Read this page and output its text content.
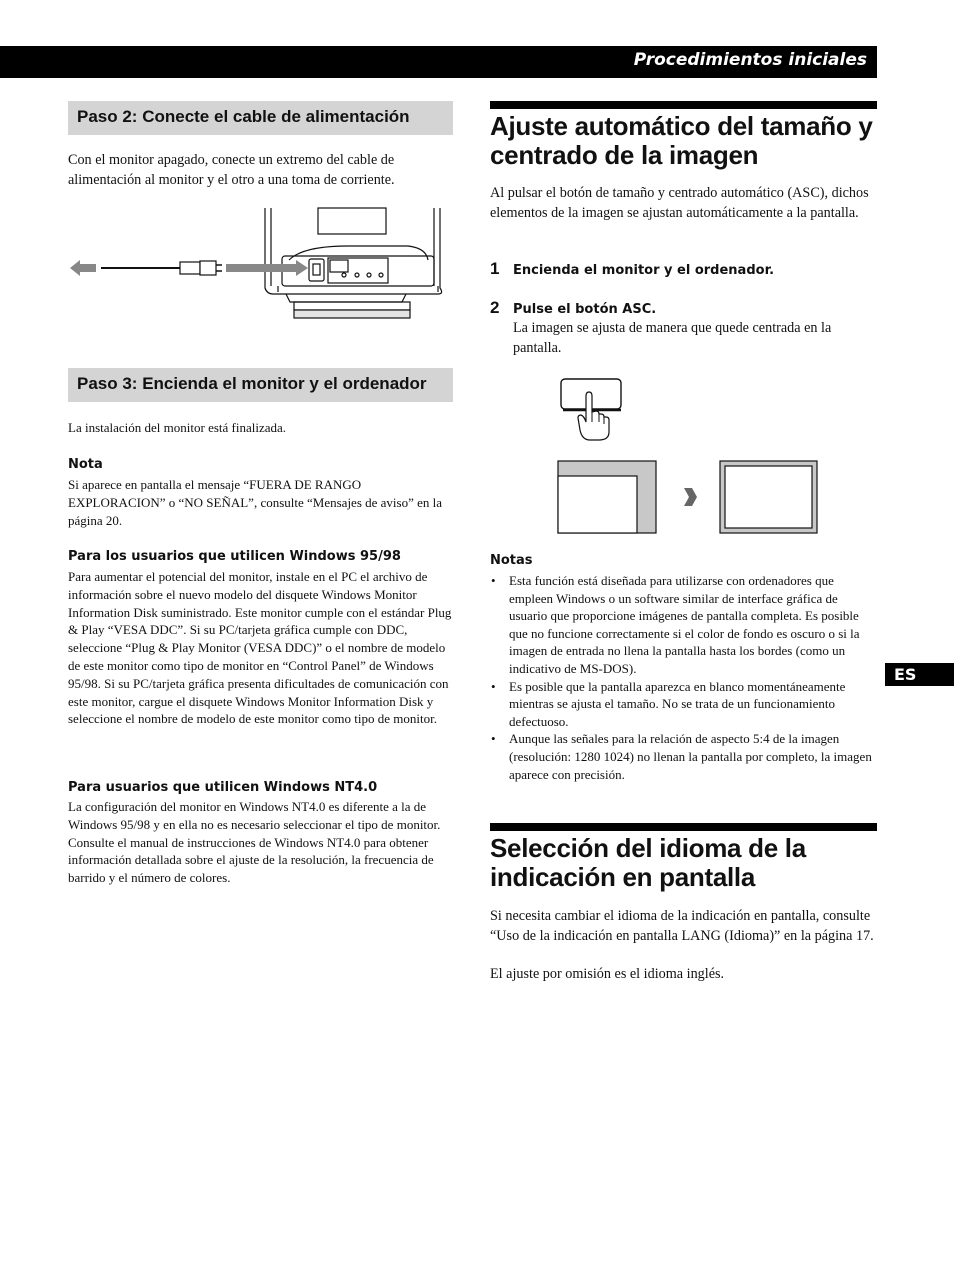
Procedimientos iniciales
Paso 2: Conecte el cable de alimentación
Con el monitor apagado, conecte un extremo del cable de alimentación al monitor y el otro a una toma de corriente.
Paso 3: Encienda el monitor y el ordenador
La instalación del monitor está finalizada.
Nota
Si aparece en pantalla el mensaje “FUERA DE RANGO EXPLORACION” o “NO SEÑAL”, consulte “Mensajes de aviso” en la página 20.
Para los usuarios que utilicen Windows 95/98
Para aumentar el potencial del monitor, instale en el PC el archivo de información sobre el nuevo modelo del disquete Windows Monitor Information Disk suministrado. Este monitor cumple con el estándar Plug & Play “VESA DDC”. Si su PC/tarjeta gráfica cumple con DDC, seleccione “Plug & Play Monitor (VESA DDC)” o el nombre de modelo de este monitor como tipo de monitor en “Control Panel” de Windows 95/98. Si su PC/tarjeta gráfica presenta dificultades de comunicación con este monitor, cargue el disquete Windows Monitor Information Disk y seleccione el nombre de modelo de este monitor como tipo de monitor.
Para usuarios que utilicen Windows NT4.0
La configuración del monitor en Windows NT4.0 es diferente a la de Windows 95/98 y en ella no es necesario seleccionar el tipo de monitor. Consulte el manual de instrucciones de Windows NT4.0 para obtener información detallada sobre el ajuste de la resolución, la frecuencia de barrido y el número de colores.
Ajuste automático del tamaño y centrado de la imagen
Al pulsar el botón de tamaño y centrado automático (ASC), dichos elementos de la imagen se ajustan automáticamente a la pantalla.
1 Encienda el monitor y el ordenador.
2 Pulse el botón ASC.
La imagen se ajusta de manera que quede centrada en la pantalla.
Notas
• Esta función está diseñada para utilizarse con ordenadores que empleen Windows o un software similar de interface gráfica de usuario que proporcione imágenes de pantalla completa. Es posible que no funcione correctamente si el color de fondo es oscuro o si la imagen de entrada no llena la pantalla hasta los bordes (como un indicativo de MS-DOS).
• Es posible que la pantalla aparezca en blanco momentáneamente mientras se ajusta el tamaño. No se trata de un funcionamiento defectuoso.
• Aunque las señales para la relación de aspecto 5:4 de la imagen (resolución: 1280 1024) no llenan la pantalla por completo, la imagen aparece con precisión.
Selección del idioma de la indicación en pantalla
Si necesita cambiar el idioma de la indicación en pantalla, consulte “Uso de la indicación en pantalla LANG (Idioma)” en la página 17.
El ajuste por omisión es el idioma inglés.
ES
